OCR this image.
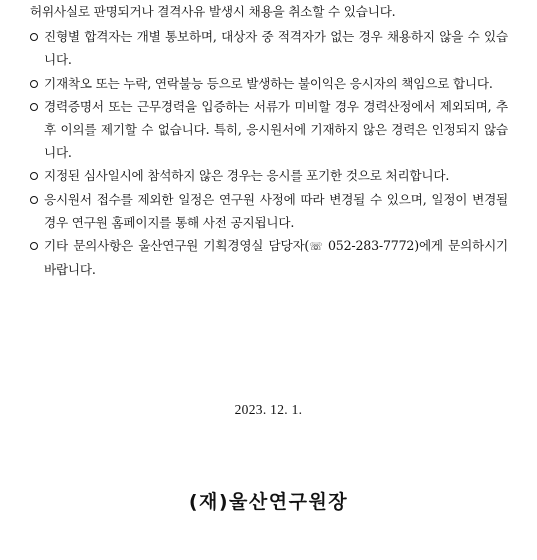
허위사실로 판명되거나 결격사유 발생시 채용을 취소할 수 있습니다.
진형별 합격자는 개별 통보하며, 대상자 중 적격자가 없는 경우 채용하지 않을 수 있습니다.
기재착오 또는 누락, 연락불능 등으로 발생하는 불이익은 응시자의 책임으로 합니다.
경력증명서 또는 근무경력을 입증하는 서류가 미비할 경우 경력산정에서 제외되며, 추후 이의를 제기할 수 없습니다. 특히, 응시원서에 기재하지 않은 경력은 인정되지 않습니다.
지정된 심사일시에 참석하지 않은 경우는 응시를 포기한 것으로 처리합니다.
응시원서 접수를 제외한 일정은 연구원 사정에 따라 변경될 수 있으며, 일정이 변경될 경우 연구원 홈페이지를 통해 사전 공지됩니다.
기타 문의사항은 울산연구원 기획경영실 담당자(☏ 052-283-7772)에게 문의하시기 바랍니다.
2023. 12. 1.
(재)울산연구원장
